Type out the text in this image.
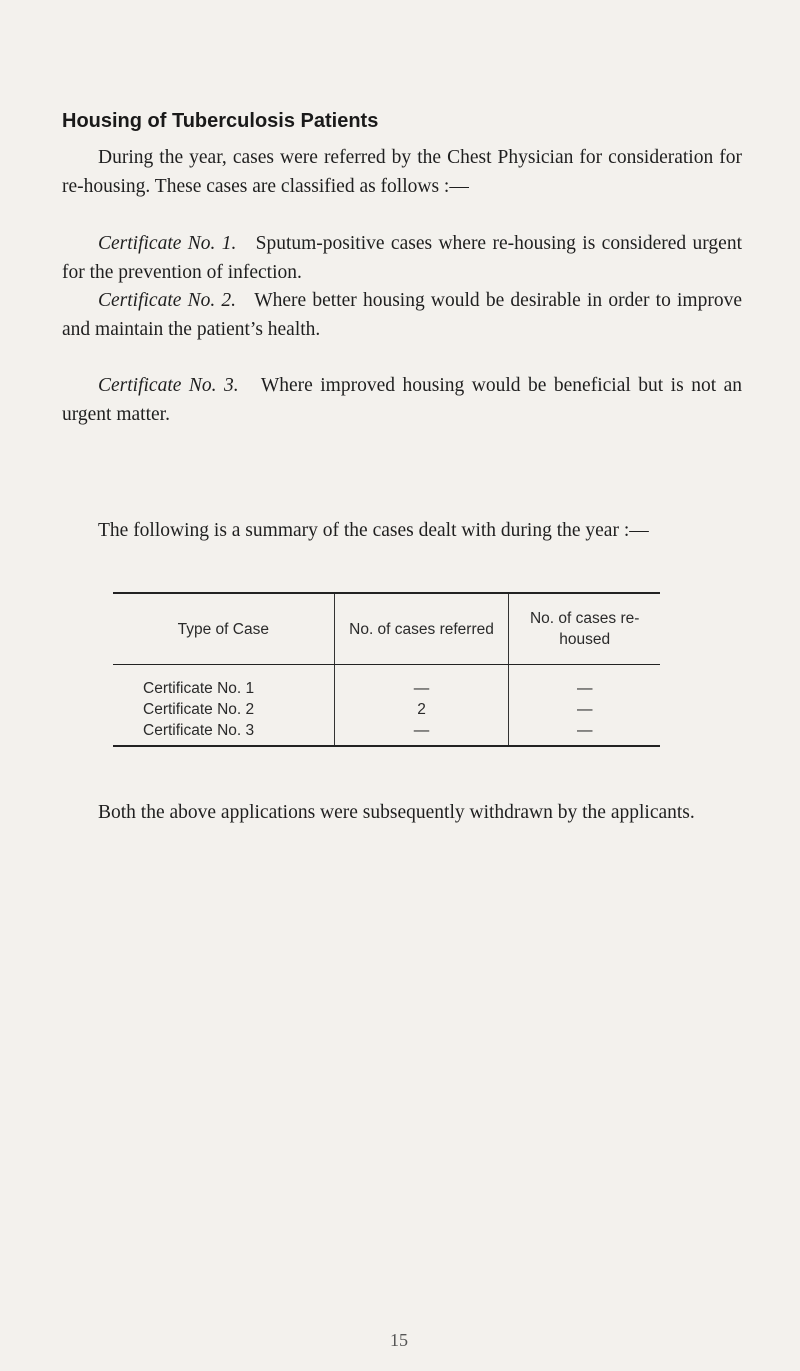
Housing of Tuberculosis Patients

During the year, cases were referred by the Chest Physician for consideration for re-housing. These cases are classified as follows :—

Certificate No. 1. Sputum-positive cases where re-housing is considered urgent for the prevention of infection.

Certificate No. 2. Where better housing would be desirable in order to improve and maintain the patient’s health.

Certificate No. 3. Where improved housing would be beneficial but is not an urgent matter.

The following is a summary of the cases dealt with during the year :—

Type of Case	No. of cases referred	No. of cases re-housed
Certificate No. 1	—	—
Certificate No. 2	2	—
Certificate No. 3	—	—

Both the above applications were subsequently withdrawn by the applicants.

15
